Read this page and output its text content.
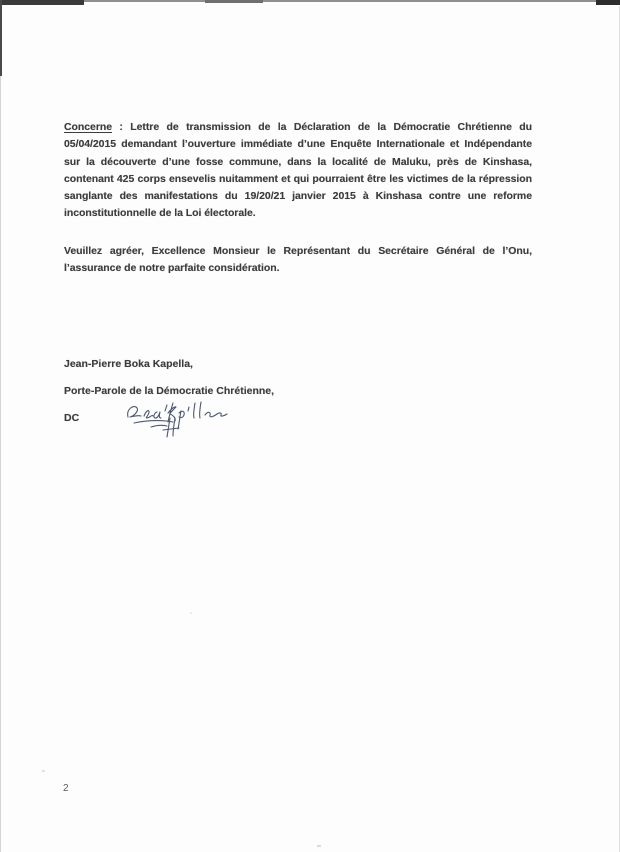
Concerne : Lettre de transmission de la Déclaration de la Démocratie Chrétienne du 05/04/2015 demandant l’ouverture immédiate d’une Enquête Internationale et Indépendante sur la découverte d’une fosse commune, dans la localité de Maluku, près de Kinshasa, contenant 425 corps ensevelis nuitamment et qui pourraient être les victimes de la répression sanglante des manifestations du 19/20/21 janvier 2015 à Kinshasa contre une reforme inconstitutionnelle de la Loi électorale.

Veuillez agréer, Excellence Monsieur le Représentant du Secrétaire Général de l’Onu, l’assurance de notre parfaite considération.

Jean-Pierre Boka Kapella,

Porte-Parole de la Démocratie Chrétienne,

DC

2
